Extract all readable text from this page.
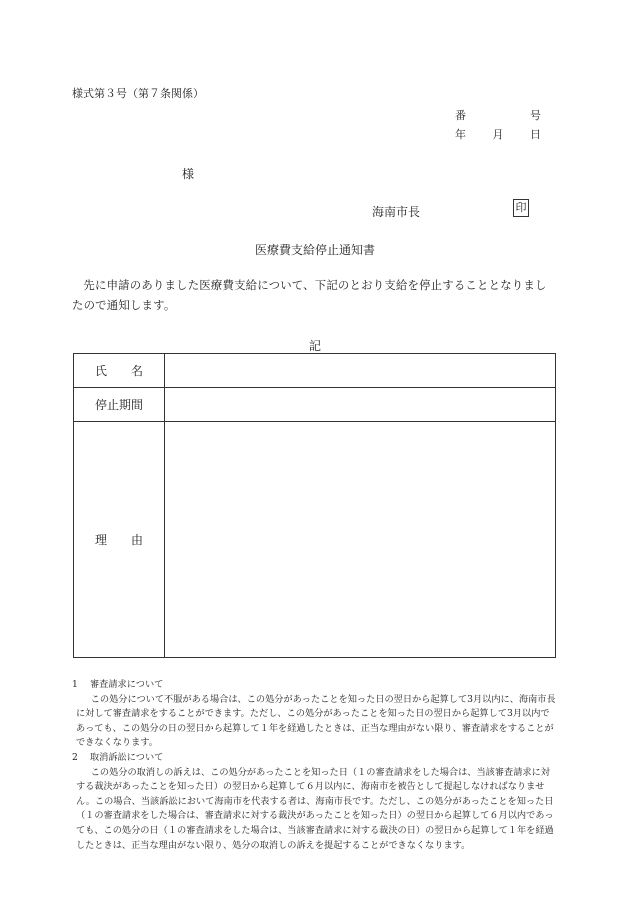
様式第３号（第７条関係）
番	号
年 月 日
様
海南市長	印
医療費支給停止通知書
先に申請のありました医療費支給について、下記のとおり支給を停止することとなりましたので通知します。
記
氏　　名	
停止期間	
理　　由	
1 審査請求について
この処分について不服がある場合は、この処分があったことを知った日の翌日から起算して3月以内に、海南市長に対して審査請求をすることができます。ただし、この処分があったことを知った日の翌日から起算して3月以内であっても、この処分の日の翌日から起算して１年を経過したときは、正当な理由がない限り、審査請求をすることができなくなります。
2 取消訴訟について
この処分の取消しの訴えは、この処分があったことを知った日（１の審査請求をした場合は、当該審査請求に対する裁決があったことを知った日）の翌日から起算して６月以内に、海南市を被告として提起しなければなりません。この場合、当該訴訟において海南市を代表する者は、海南市長です。ただし、この処分があったことを知った日（１の審査請求をした場合は、審査請求に対する裁決があったことを知った日）の翌日から起算して６月以内であっても、この処分の日（１の審査請求をした場合は、当該審査請求に対する裁決の日）の翌日から起算して１年を経過したときは、正当な理由がない限り、処分の取消しの訴えを提起することができなくなります。
